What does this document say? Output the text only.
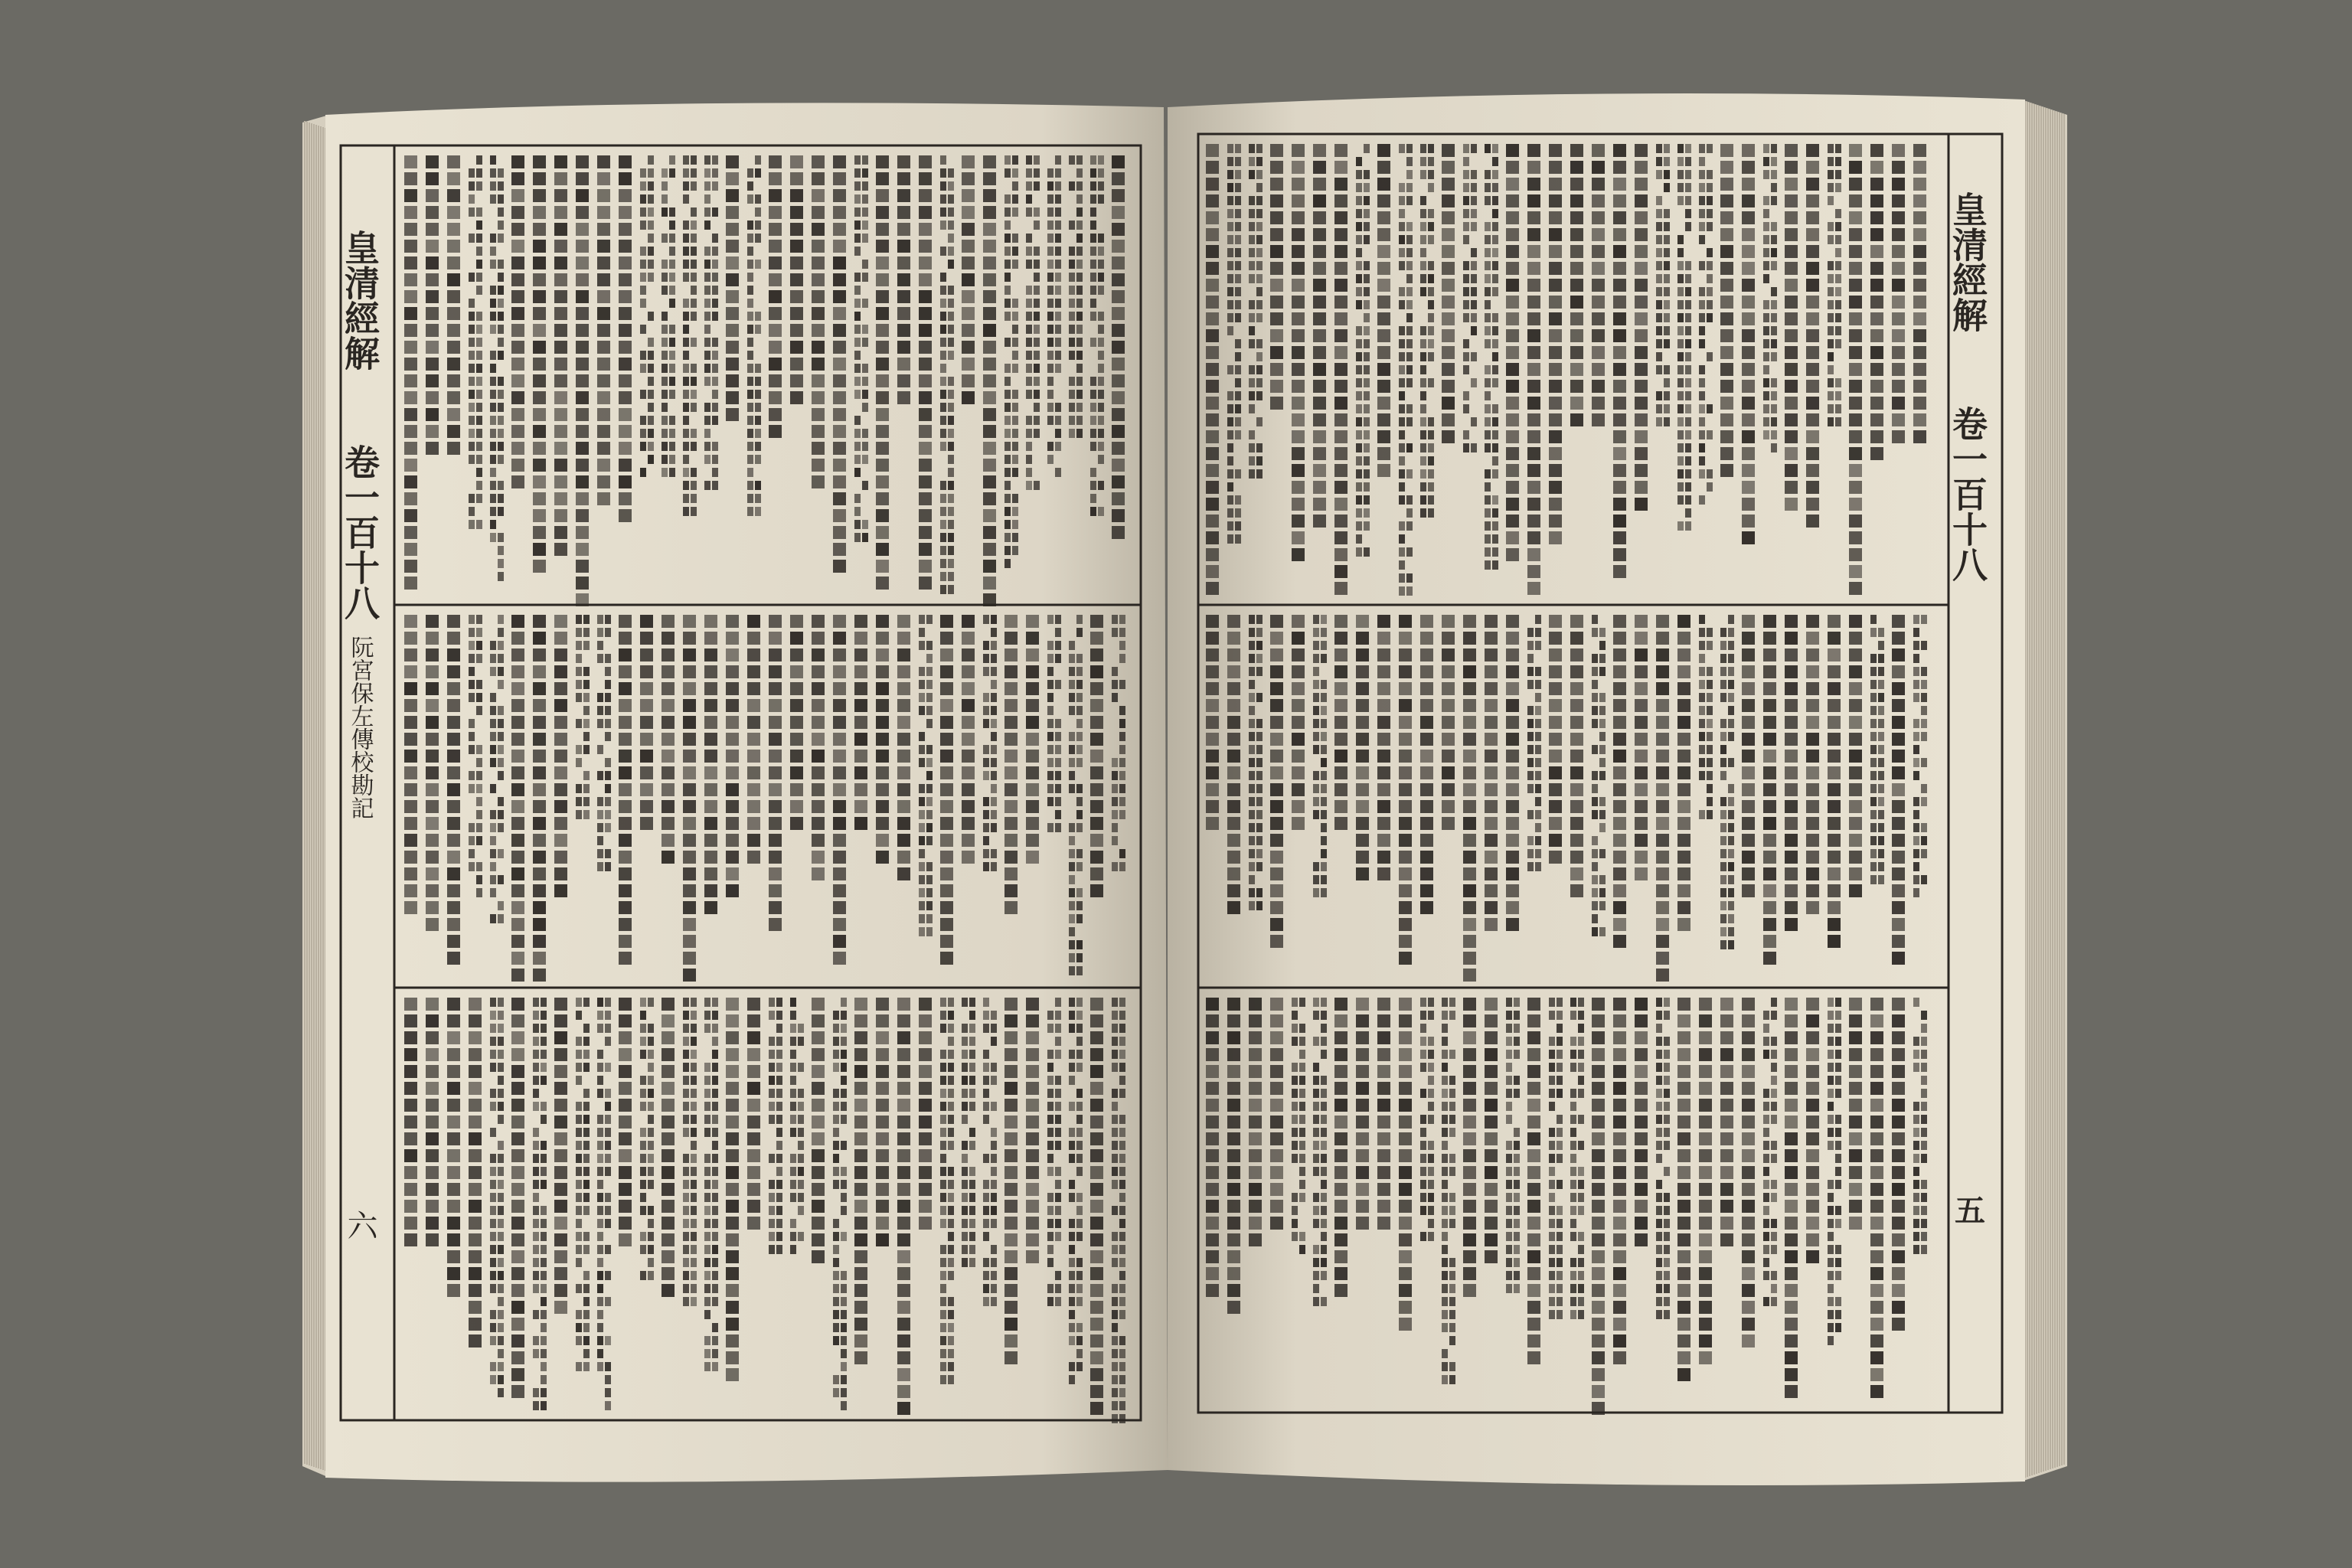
皇清經解
卷一百十八
阮宮保左傳校勘記
六
皇清經解
卷一百十八
五
